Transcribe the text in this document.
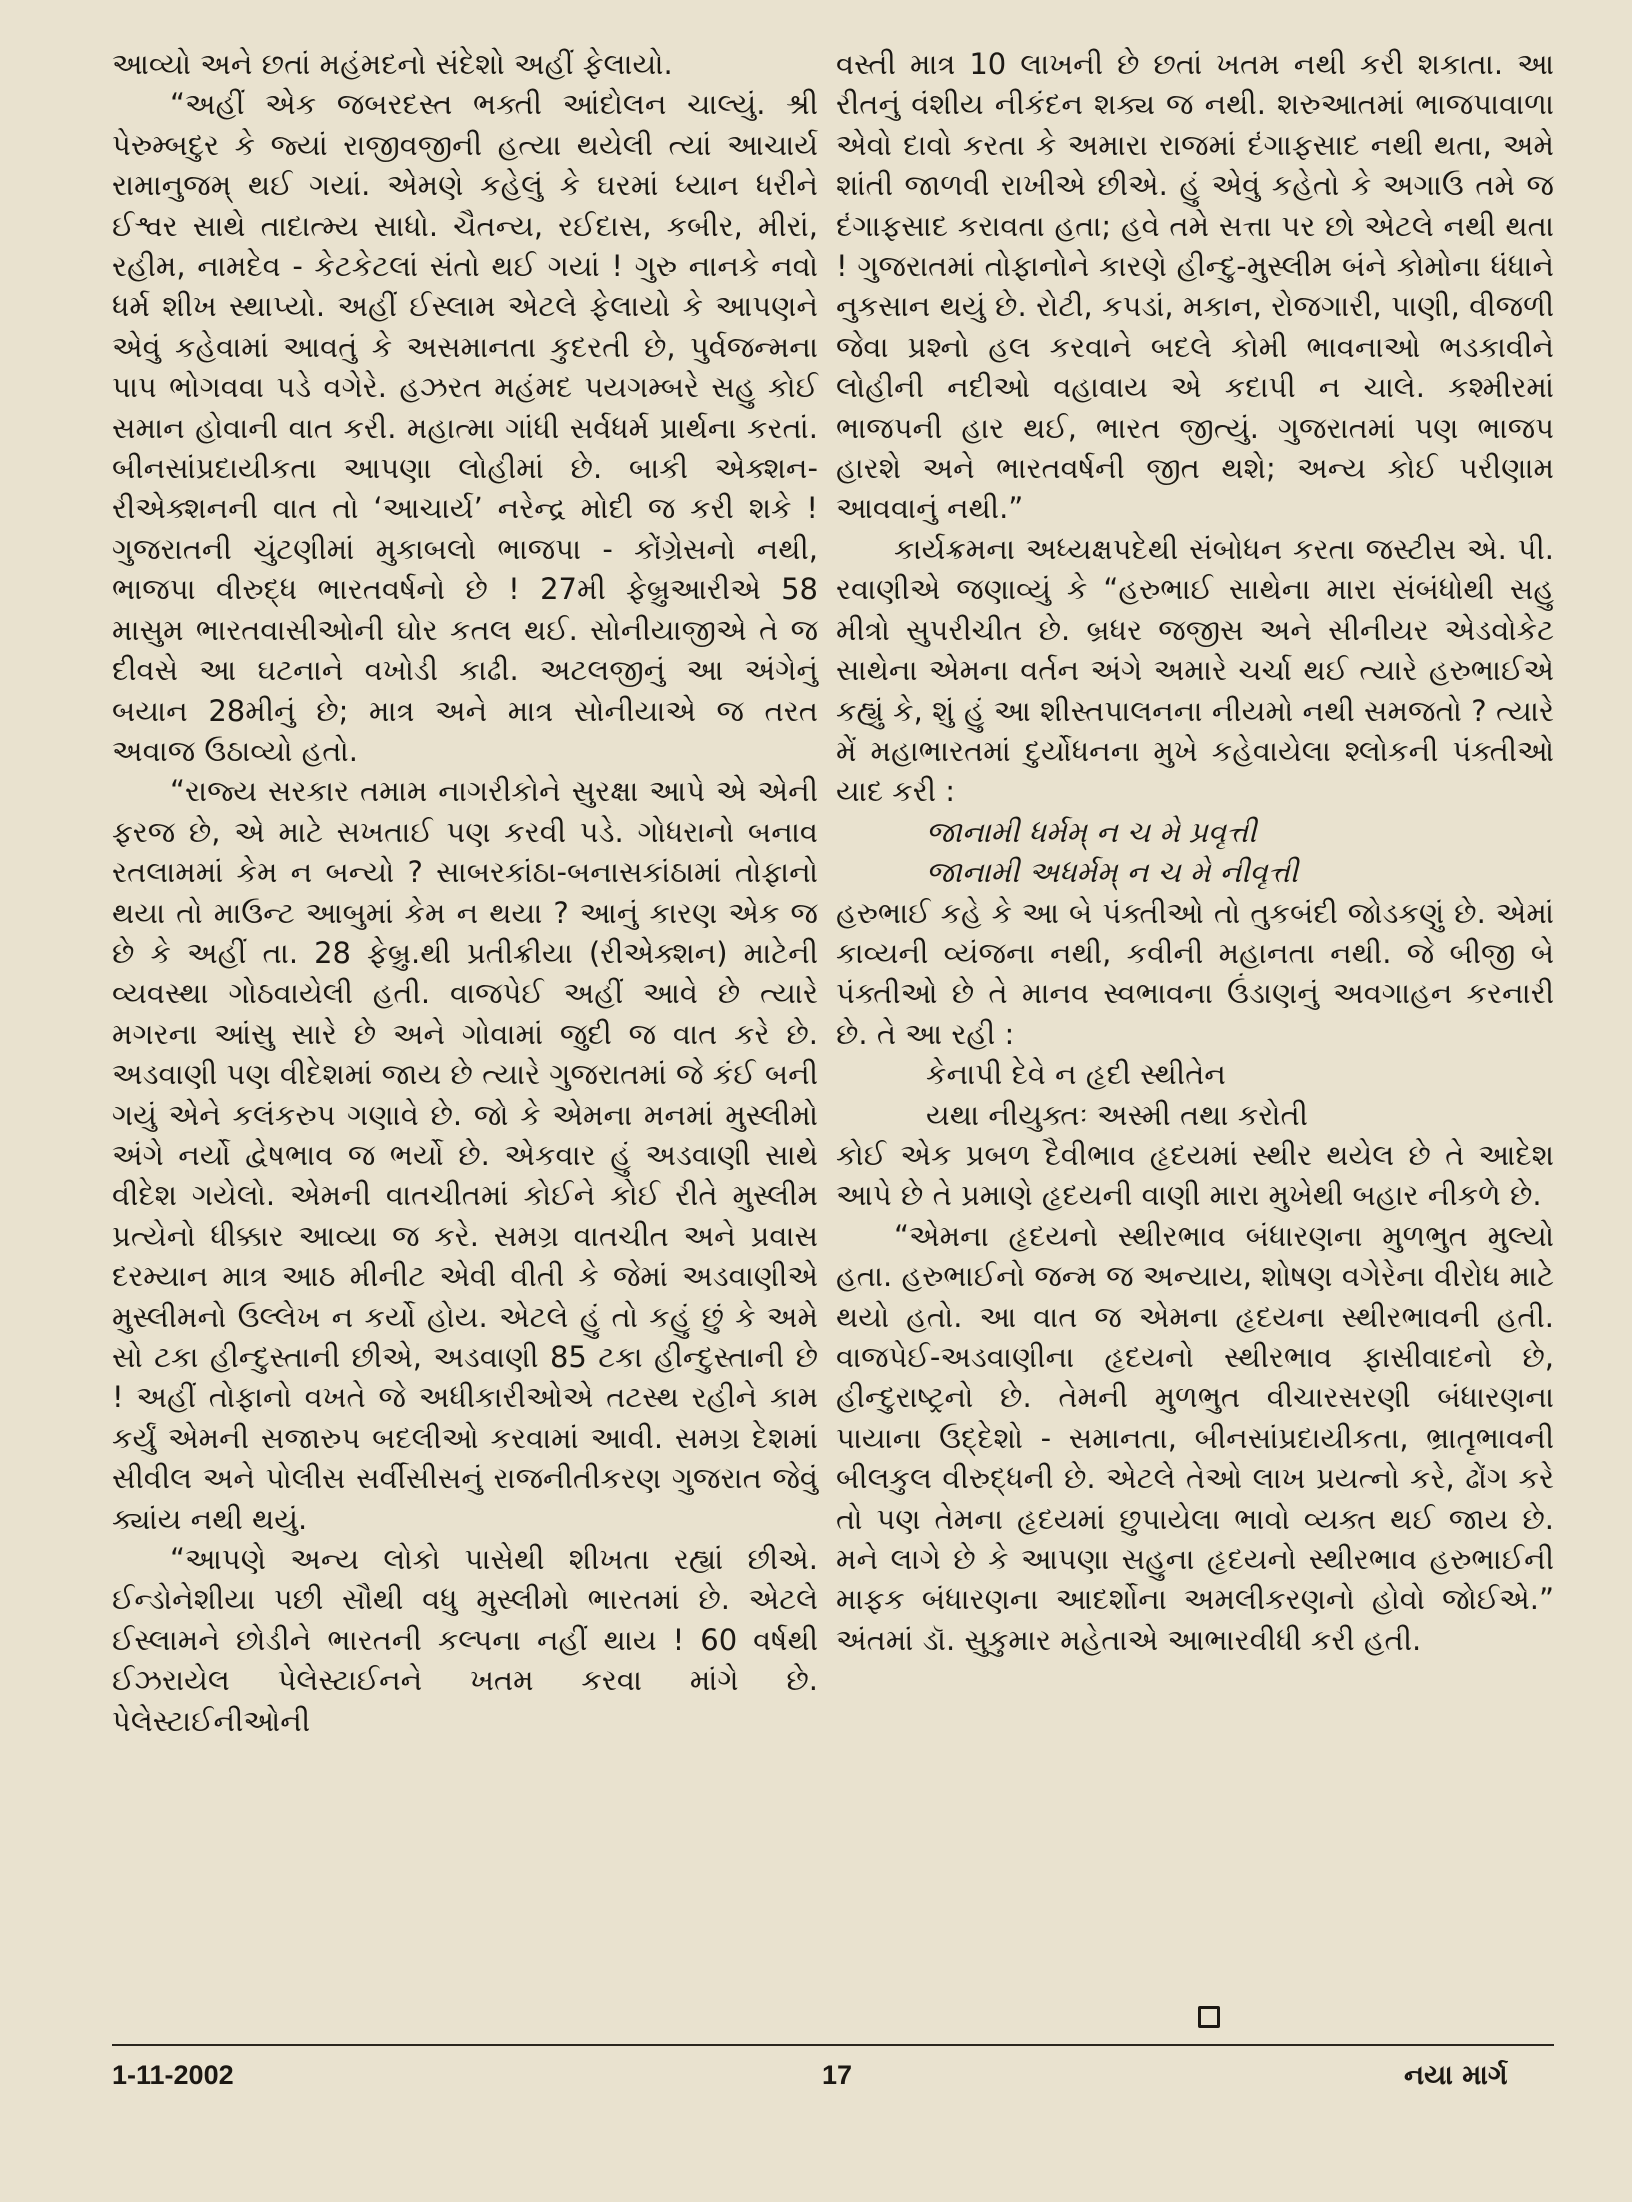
આવ્યો અને છતાં મહંમદનો સંદેશો અહીં ફેલાયો.

“અહીં એક જબરદસ્ત ભક્તી આંદોલન ચાલ્યું. શ્રી પેરુમ્બદુર કે જ્યાં રાજીવજીની હત્યા થયેલી ત્યાં આચાર્ય રામાનુજમ્ થઈ ગયાં. એમણે કહેલું કે ઘરમાં ધ્યાન ધરીને ઈશ્વર સાથે તાદાત્મ્ય સાધો. ચૈતન્ય, રઈદાસ, કબીર, મીરાં, રહીમ, નામદેવ - કેટકેટલાં સંતો થઈ ગયાં ! ગુરુ નાનકે નવો ધર્મ શીખ સ્થાપ્યો. અહીં ઈસ્લામ એટલે ફેલાયો કે આપણને એવું કહેવામાં આવતું કે અસમાનતા કુદરતી છે, પુર્વજન્મના પાપ ભોગવવા પડે વગેરે. હઝરત મહંમદ પયગમ્બરે સહુ કોઈ સમાન હોવાની વાત કરી. મહાત્મા ગાંધી સર્વધર્મ પ્રાર્થના કરતાં. બીનસાંપ્રદાયીકતા આપણા લોહીમાં છે. બાકી એક્શન-રીએક્શનની વાત તો ‘આચાર્ય’ નરેન્દ્ર મોદી જ કરી શકે ! ગુજરાતની ચુંટણીમાં મુકાબલો ભાજપા - કોંગ્રેસનો નથી, ભાજપા વીરુદ્ધ ભારતવર્ષનો છે ! 27મી ફેબ્રુઆરીએ 58 માસુમ ભારતવાસીઓની ઘોર કતલ થઈ. સોનીયાજીએ તે જ દીવસે આ ઘટનાને વખોડી કાઢી. અટલજીનું આ અંગેનું બયાન 28મીનું છે; માત્ર અને માત્ર સોનીયાએ જ તરત અવાજ ઉઠાવ્યો હતો.

“રાજ્ય સરકાર તમામ નાગરીકોને સુરક્ષા આપે એ એની ફરજ છે, એ માટે સખતાઈ પણ કરવી પડે. ગોધરાનો બનાવ રતલામમાં કેમ ન બન્યો ? સાબરકાંઠા-બનાસકાંઠામાં તોફાનો થયા તો માઉન્ટ આબુમાં કેમ ન થયા ? આનું કારણ એક જ છે કે અહીં તા. 28 ફેબ્રુ.થી પ્રતીક્રીયા (રીએક્શન) માટેની વ્યવસ્થા ગોઠવાયેલી હતી. વાજપેઈ અહીં આવે છે ત્યારે મગરના આંસુ સારે છે અને ગોવામાં જુદી જ વાત કરે છે. અડવાણી પણ વીદેશમાં જાય છે ત્યારે ગુજરાતમાં જે કંઈ બની ગયું એને કલંકરુપ ગણાવે છે. જો કે એમના મનમાં મુસ્લીમો અંગે નર્યો દ્વેષભાવ જ ભર્યો છે. એકવાર હું અડવાણી સાથે વીદેશ ગયેલો. એમની વાતચીતમાં કોઈને કોઈ રીતે મુસ્લીમ પ્રત્યેનો ધીક્કાર આવ્યા જ કરે. સમગ્ર વાતચીત અને પ્રવાસ દરમ્યાન માત્ર આઠ મીનીટ એવી વીતી કે જેમાં અડવાણીએ મુસ્લીમનો ઉલ્લેખ ન કર્યો હોય. એટલે હું તો કહું છું કે અમે સો ટકા હીન્દુસ્તાની છીએ, અડવાણી 85 ટકા હીન્દુસ્તાની છે ! અહીં તોફાનો વખતે જે અધીકારીઓએ તટસ્થ રહીને કામ કર્યું એમની સજારુપ બદલીઓ કરવામાં આવી. સમગ્ર દેશમાં સીવીલ અને પોલીસ સર્વીસીસનું રાજનીતીકરણ ગુજરાત જેવું ક્યાંય નથી થયું.

“આપણે અન્ય લોકો પાસેથી શીખતા રહ્યાં છીએ. ઈન્ડોનેશીયા પછી સૌથી વધુ મુસ્લીમો ભારતમાં છે. એટલે ઈસ્લામને છોડીને ભારતની કલ્પના નહીં થાય ! 60 વર્ષથી ઈઝરાયેલ પેલેસ્ટાઈનને ખતમ કરવા માંગે છે. પેલેસ્ટાઈનીઓની

વસ્તી માત્ર 10 લાખની છે છતાં ખતમ નથી કરી શકાતા. આ રીતનું વંશીય નીકંદન શક્ય જ નથી. શરુઆતમાં ભાજપાવાળા એવો દાવો કરતા કે અમારા રાજમાં દંગાફસાદ નથી થતા, અમે શાંતી જાળવી રાખીએ છીએ. હું એવું કહેતો કે અગાઉ તમે જ દંગાફસાદ કરાવતા હતા; હવે તમે સત્તા પર છો એટલે નથી થતા ! ગુજરાતમાં તોફાનોને કારણે હીન્દુ-મુસ્લીમ બંને કોમોના ધંધાને નુકસાન થયું છે. રોટી, કપડાં, મકાન, રોજગારી, પાણી, વીજળી જેવા પ્રશ્નો હલ કરવાને બદલે કોમી ભાવનાઓ ભડકાવીને લોહીની નદીઓ વહાવાય એ કદાપી ન ચાલે. કશ્મીરમાં ભાજપની હાર થઈ, ભારત જીત્યું. ગુજરાતમાં પણ ભાજપ હારશે અને ભારતવર્ષની જીત થશે; અન્ય કોઈ પરીણામ આવવાનું નથી.”

કાર્યક્રમના અધ્યક્ષપદેથી સંબોધન કરતા જસ્ટીસ એ. પી. રવાણીએ જણાવ્યું કે “હરુભાઈ સાથેના મારા સંબંધોથી સહુ મીત્રો સુપરીચીત છે. બ્રધર જજીસ અને સીનીયર એડવોકેટ સાથેના એમના વર્તન અંગે અમારે ચર્ચા થઈ ત્યારે હરુભાઈએ કહ્યું કે, શું હું આ શીસ્તપાલનના નીયમો નથી સમજતો ? ત્યારે મેં મહાભારતમાં દુર્યોધનના મુખે કહેવાયેલા શ્લોકની પંક્તીઓ યાદ કરી :

જાનામી ધર્મમ્ ન ચ મે પ્રવૃત્તી

જાનામી અધર્મમ્ ન ચ મે નીવૃત્તી

હરુભાઈ કહે કે આ બે પંક્તીઓ તો તુકબંદી જોડકણું છે. એમાં કાવ્યની વ્યંજના નથી, કવીની મહાનતા નથી. જે બીજી બે પંક્તીઓ છે તે માનવ સ્વભાવના ઉંડાણનું અવગાહન કરનારી છે. તે આ રહી :

કેનાપી દેવે ન હૃદી સ્થીતેન

યથા નીયુક્તઃ અસ્મી તથા કરોતી

કોઈ એક પ્રબળ દૈવીભાવ હૃદયમાં સ્થીર થયેલ છે તે આદેશ આપે છે તે પ્રમાણે હૃદયની વાણી મારા મુખેથી બહાર નીકળે છે.

“એમના હૃદયનો સ્થીરભાવ બંધારણના મુળભુત મુલ્યો હતા. હરુભાઈનો જન્મ જ અન્યાય, શોષણ વગેરેના વીરોધ માટે થયો હતો. આ વાત જ એમના હૃદયના સ્થીરભાવની હતી. વાજપેઈ-અડવાણીના હૃદયનો સ્થીરભાવ ફાસીવાદનો છે, હીન્દુરાષ્ટ્રનો છે. તેમની મુળભુત વીચારસરણી બંધારણના પાયાના ઉદ્દેશો - સમાનતા, બીનસાંપ્રદાયીકતા, ભ્રાતૃભાવની બીલકુલ વીરુદ્ધની છે. એટલે તેઓ લાખ પ્રયત્નો કરે, ઢોંગ કરે તો પણ તેમના હૃદયમાં છુપાયેલા ભાવો વ્યક્ત થઈ જાય છે. મને લાગે છે કે આપણા સહુના હૃદયનો સ્થીરભાવ હરુભાઈની માફક બંધારણના આદર્શોના અમલીકરણનો હોવો જોઈએ.” અંતમાં ડૉ. સુકુમાર મહેતાએ આભારવીધી કરી હતી.

1-11-2002	17	નયા માર્ગ
